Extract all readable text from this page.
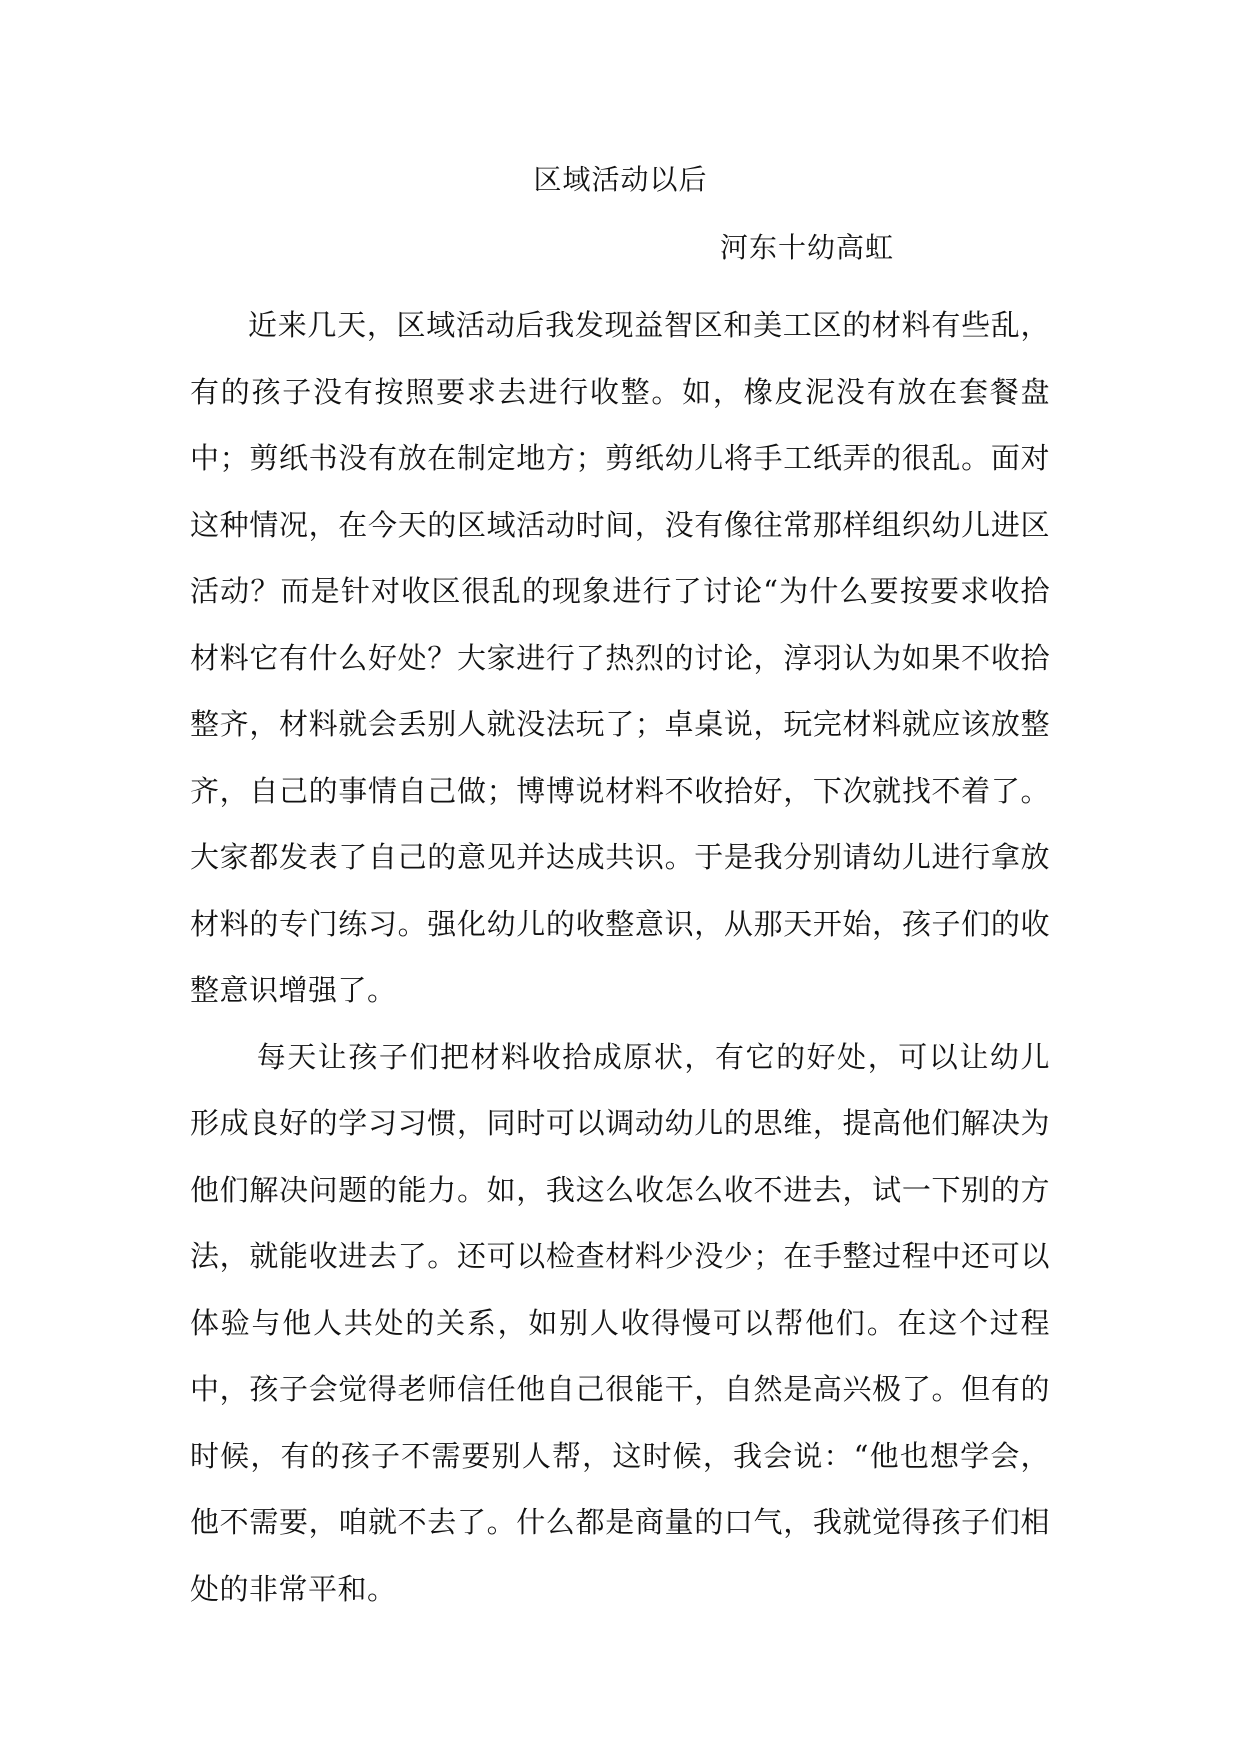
区域活动以后
河东十幼高虹

近来几天，区域活动后我发现益智区和美工区的材料有些乱，有的孩子没有按照要求去进行收整。如，橡皮泥没有放在套餐盘中；剪纸书没有放在制定地方；剪纸幼儿将手工纸弄的很乱。面对这种情况，在今天的区域活动时间，没有像往常那样组织幼儿进区活动？而是针对收区很乱的现象进行了讨论“为什么要按要求收拾材料它有什么好处？大家进行了热烈的讨论，淳羽认为如果不收拾整齐，材料就会丢别人就没法玩了；卓桌说，玩完材料就应该放整齐，自己的事情自己做；博博说材料不收拾好，下次就找不着了。大家都发表了自己的意见并达成共识。于是我分别请幼儿进行拿放材料的专门练习。强化幼儿的收整意识，从那天开始，孩子们的收整意识增强了。

每天让孩子们把材料收拾成原状，有它的好处，可以让幼儿形成良好的学习习惯，同时可以调动幼儿的思维，提高他们解决为他们解决问题的能力。如，我这么收怎么收不进去，试一下别的方法，就能收进去了。还可以检查材料少没少；在手整过程中还可以体验与他人共处的关系，如别人收得慢可以帮他们。在这个过程中，孩子会觉得老师信任他自己很能干，自然是高兴极了。但有的时候，有的孩子不需要别人帮，这时候，我会说：“他也想学会，他不需要，咱就不去了。什么都是商量的口气，我就觉得孩子们相处的非常平和。
